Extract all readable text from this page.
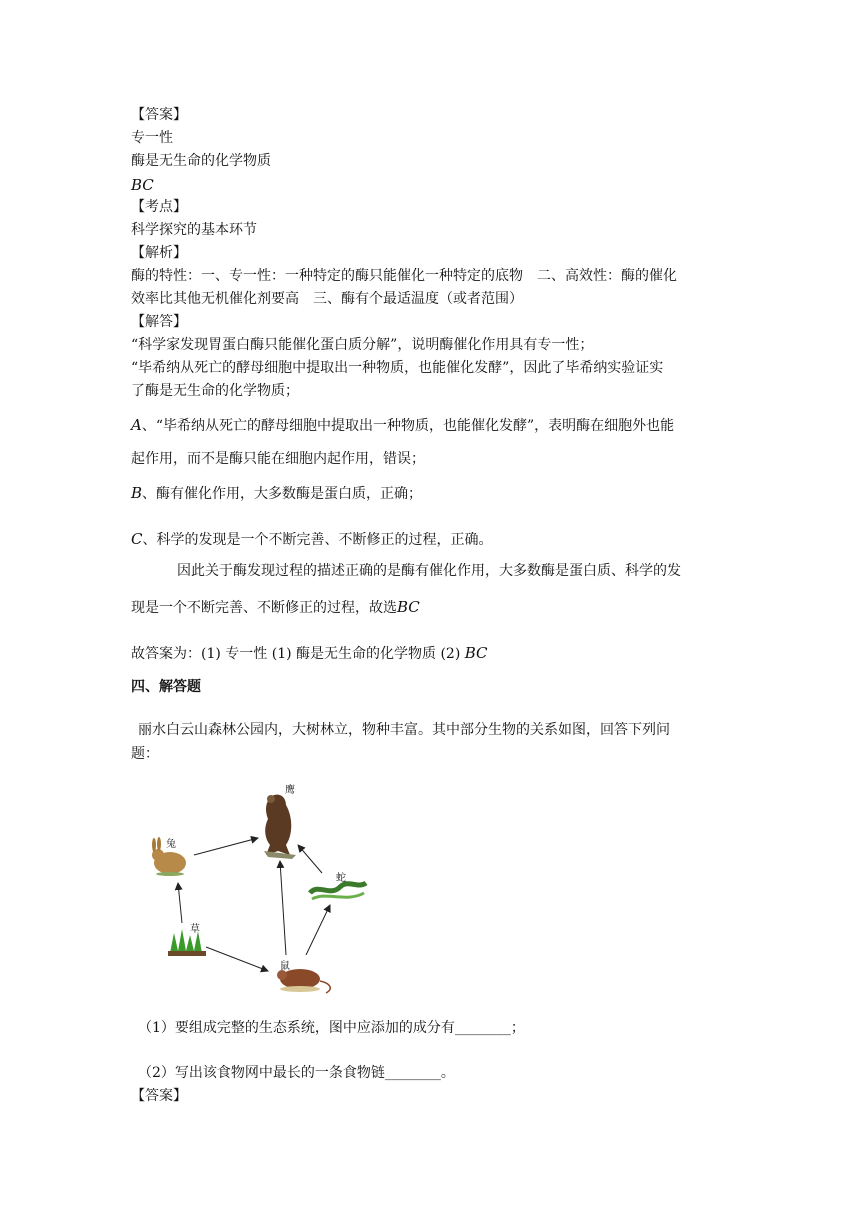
【答案】
专一性
酶是无生命的化学物质
BC
【考点】
科学探究的基本环节
【解析】
酶的特性：一、专一性：一种特定的酶只能催化一种特定的底物　二、高效性：酶的催化
效率比其他无机催化剂要高　三、酶有个最适温度（或者范围）
【解答】
“科学家发现胃蛋白酶只能催化蛋白质分解”，说明酶催化作用具有专一性；
“毕希纳从死亡的酵母细胞中提取出一种物质，也能催化发酵”，因此了毕希纳实验证实
了酶是无生命的化学物质；
A、“毕希纳从死亡的酵母细胞中提取出一种物质，也能催化发酵”，表明酶在细胞外也能
起作用，而不是酶只能在细胞内起作用，错误；
B、酶有催化作用，大多数酶是蛋白质，正确；
C、科学的发现是一个不断完善、不断修正的过程，正确。
因此关于酶发现过程的描述正确的是酶有催化作用，大多数酶是蛋白质、科学的发
现是一个不断完善、不断修正的过程，故选BC
故答案为：(1) 专一性 (1) 酶是无生命的化学物质 (2) BC
四、解答题
丽水白云山森林公园内，大树林立，物种丰富。其中部分生物的关系如图，回答下列问
题：
鹰
兔
蛇
草
鼠
（1）要组成完整的生态系统，图中应添加的成分有________；
（2）写出该食物网中最长的一条食物链________。
【答案】
